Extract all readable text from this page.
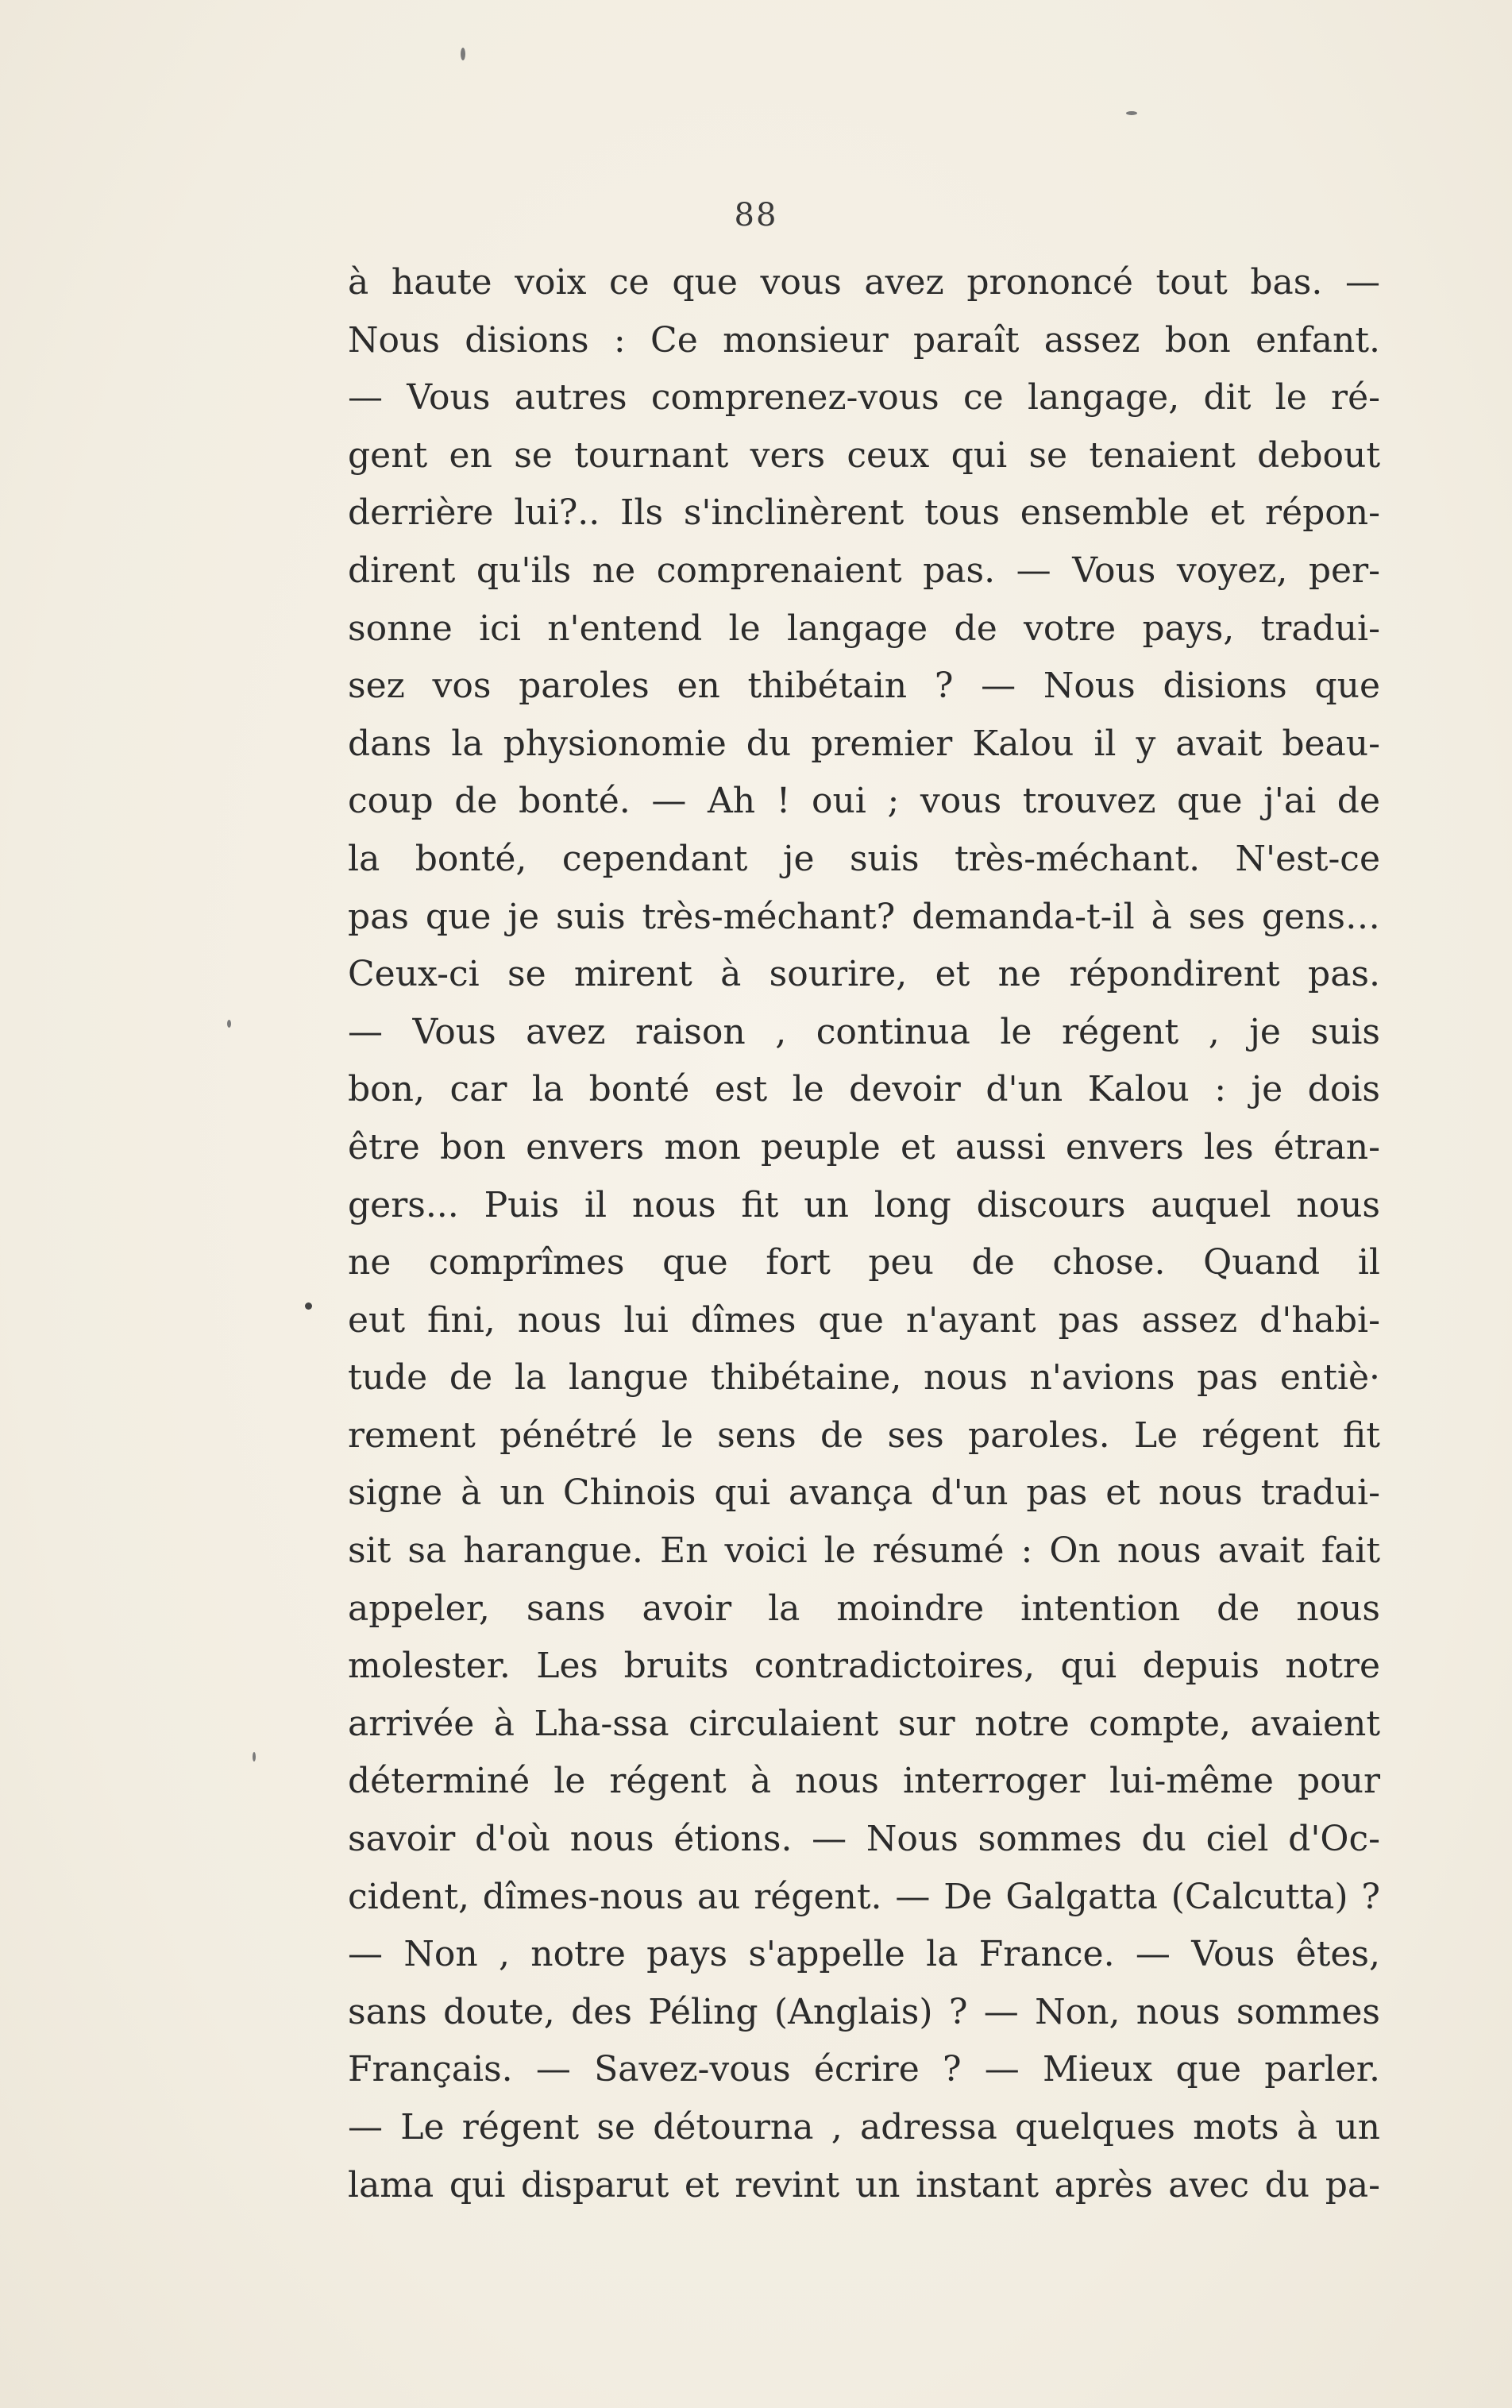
88
à haute voix ce que vous avez prononcé tout bas. —
Nous disions : Ce monsieur paraît assez bon enfant.
— Vous autres comprenez-vous ce langage, dit le ré-
gent en se tournant vers ceux qui se tenaient debout
derrière lui?.. Ils s'inclinèrent tous ensemble et répon-
dirent qu'ils ne comprenaient pas. — Vous voyez, per-
sonne ici n'entend le langage de votre pays, tradui-
sez vos paroles en thibétain ? — Nous disions que
dans la physionomie du premier Kalou il y avait beau-
coup de bonté. — Ah ! oui ; vous trouvez que j'ai de
la bonté, cependant je suis très-méchant. N'est-ce
pas que je suis très-méchant? demanda-t-il à ses gens…
Ceux-ci se mirent à sourire, et ne répondirent pas.
— Vous avez raison , continua le régent , je suis
bon, car la bonté est le devoir d'un Kalou : je dois
être bon envers mon peuple et aussi envers les étran-
gers... Puis il nous fit un long discours auquel nous
ne comprîmes que fort peu de chose. Quand il
eut fini, nous lui dîmes que n'ayant pas assez d'habi-
tude de la langue thibétaine, nous n'avions pas entiè·
rement pénétré le sens de ses paroles. Le régent fit
signe à un Chinois qui avança d'un pas et nous tradui-
sit sa harangue. En voici le résumé : On nous avait fait
appeler, sans avoir la moindre intention de nous
molester. Les bruits contradictoires, qui depuis notre
arrivée à Lha-ssa circulaient sur notre compte, avaient
déterminé le régent à nous interroger lui-même pour
savoir d'où nous étions. — Nous sommes du ciel d'Oc-
cident, dîmes-nous au régent. — De Galgatta (Calcutta) ?
— Non , notre pays s'appelle la France. — Vous êtes,
sans doute, des Péling (Anglais) ? — Non, nous sommes
Français. — Savez-vous écrire ? — Mieux que parler.
— Le régent se détourna , adressa quelques mots à un
lama qui disparut et revint un instant après avec du pa-
